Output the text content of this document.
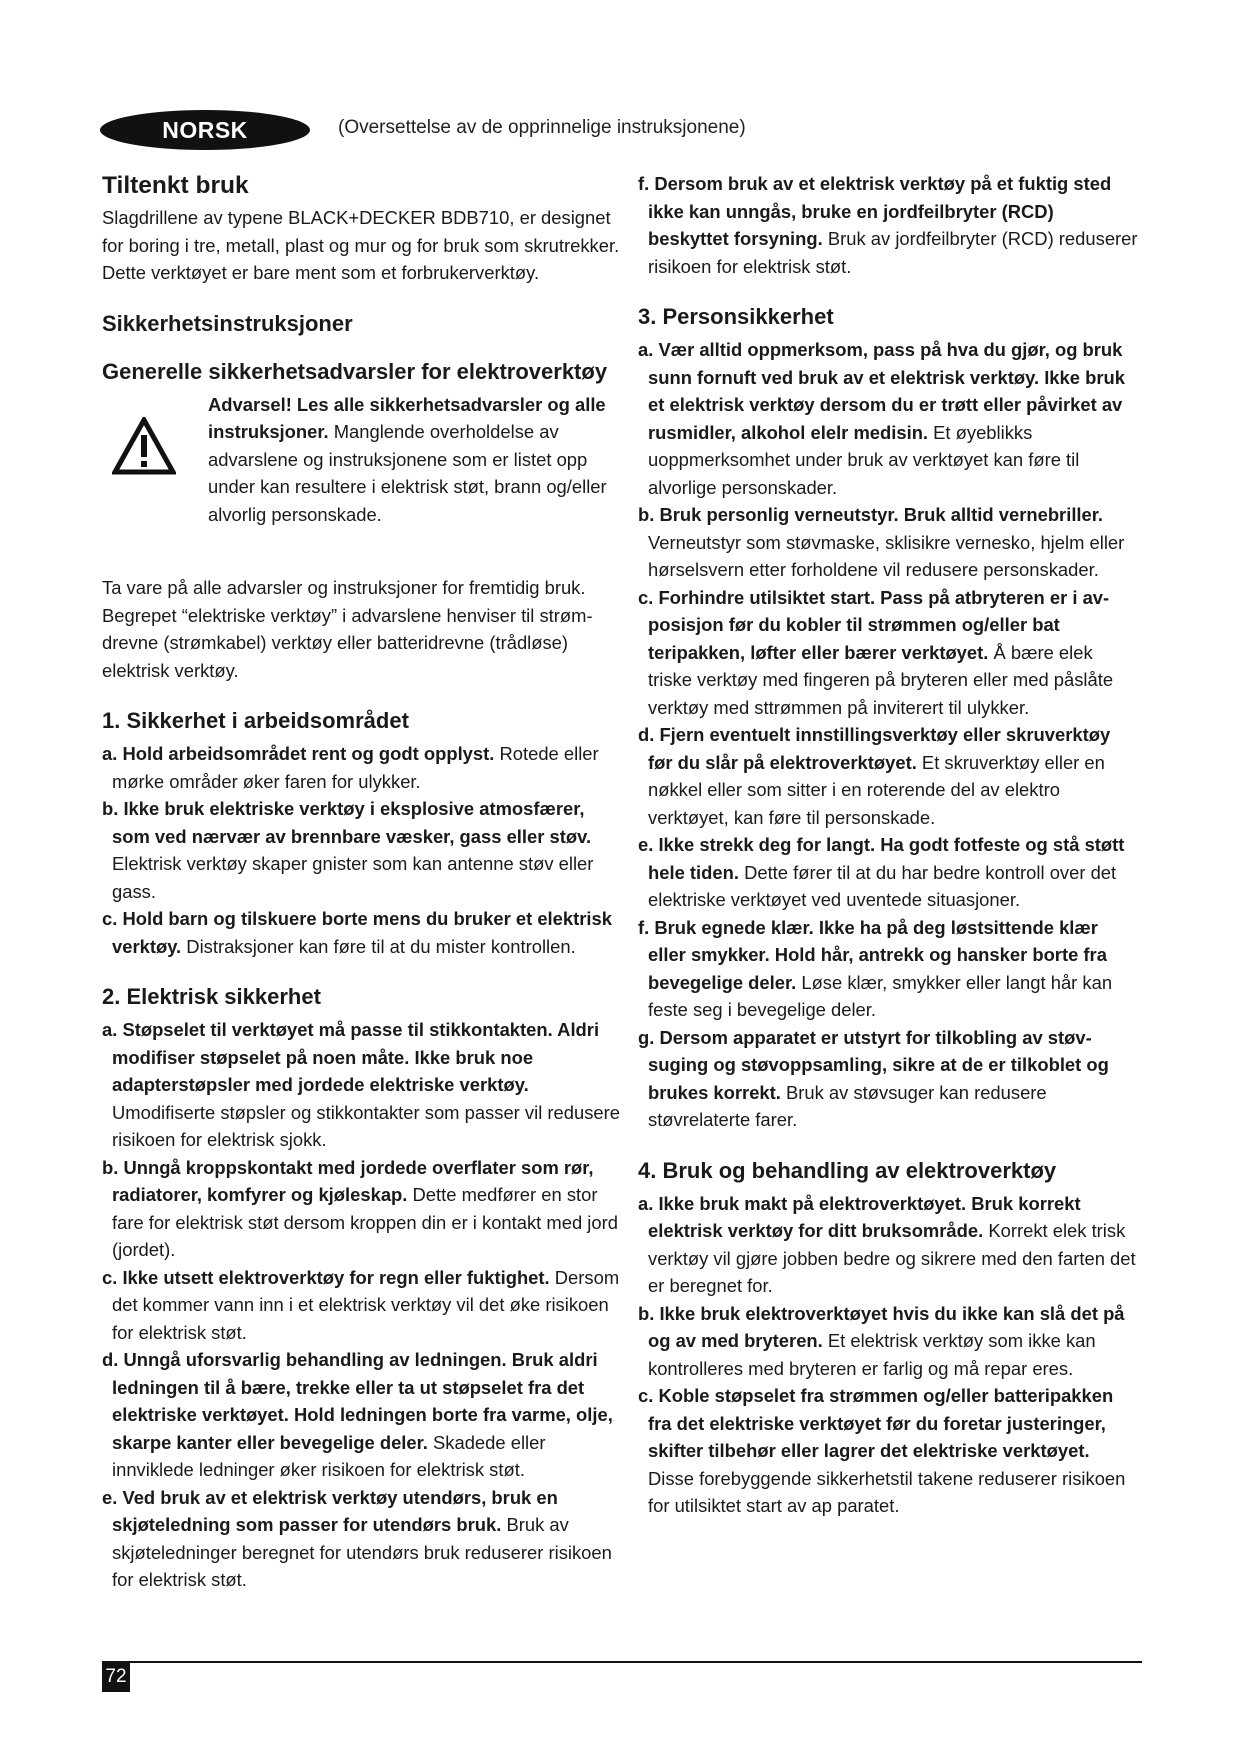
NORSK	(Oversettelse av de opprinnelige instruksjonene)
Tiltenkt bruk

Slagdrillene av typene BLACK+DECKER BDB710, er designet for boring i tre, metall, plast og mur og for bruk som skrutrekker. Dette verktøyet er bare ment som et forbrukerverktøy.

Sikkerhetsinstruksjoner
Generelle sikkerhetsadvarsler for elektroverktøy

Advarsel! Les alle sikkerhetsadvarsler og alle instruksjoner. Manglende overholdelse av advarslene og instruksjonene som er listet opp under kan resultere i elektrisk støt, brann og/eller alvorlig personskade.

Ta vare på alle advarsler og instruksjoner for fremtidig bruk. Begrepet “elektriske verktøy” i advarslene henviser til strømdrevne (strømkabel) verktøy eller batteridrevne (trådløse) elektrisk verktøy.

1. Sikkerhet i arbeidsområdet

a. Hold arbeidsområdet rent og godt opplyst. Rotede eller mørke områder øker faren for ulykker.

b. Ikke bruk elektriske verktøy i eksplosive atmosfærer, som ved nærvær av brennbare væsker, gass eller støv. Elektrisk verktøy skaper gnister som kan antenne støv eller gass.

c. Hold barn og tilskuere borte mens du bruker et elektrisk verktøy. Distraksjoner kan føre til at du mister kontrollen.

2. Elektrisk sikkerhet

a. Støpselet til verktøyet må passe til stikkontakten. Aldri modifiser støpselet på noen måte. Ikke bruk noe adapterstøpsler med jordede elektriske verktøy. Umodifiserte støpsler og stikkontakter som passer vil redusere risikoen for elektrisk sjokk.

b. Unngå kroppskontakt med jordede overflater som rør, radiatorer, komfyrer og kjøleskap. Dette medfører en stor fare for elektrisk støt dersom kroppen din er i kontakt med jord (jordet).

c. Ikke utsett elektroverktøy for regn eller fuktighet. Dersom det kommer vann inn i et elektrisk verktøy vil det øke risikoen for elektrisk støt.

d. Unngå uforsvarlig behandling av ledningen. Bruk aldri ledningen til å bære, trekke eller ta ut støpselet fra det elektriske verktøyet. Hold ledningen borte fra varme, olje, skarpe kanter eller bevegelige deler. Skadede eller innviklede ledninger øker risikoen for elektrisk støt.

e. Ved bruk av et elektrisk verktøy utendørs, bruk en skjøteledning som passer for utendørs bruk. Bruk av skjøteledninger beregnet for utendørs bruk reduserer risikoen for elektrisk støt.

f. Dersom bruk av et elektrisk verktøy på et fuktig sted ikke kan unngås, bruke en jordfeilbryter (RCD) beskyttet forsyning. Bruk av jordfeilbryter (RCD) reduserer risikoen for elektrisk støt.

3. Personsikkerhet

a. Vær alltid oppmerksom, pass på hva du gjør, og bruk sunn fornuft ved bruk av et elektrisk verktøy. Ikke bruk et elektrisk verktøy dersom du er trøtt eller påvirket av rusmidler, alkohol elelr medisin. Et øyeblikks uoppmerksomhet under bruk av verktøyet kan føre til alvorlige personskader.

b. Bruk personlig verneutstyr. Bruk alltid vernebriller. Verneutstyr som støvmaske, sklisikre vernesko, hjelm eller hørselsvern etter forholdene vil redusere personskader.

c. Forhindre utilsiktet start. Pass på atbryteren er i av-posisjon før du kobler til strømmen og/eller bat teripakken, løfter eller bærer verktøyet. Å bære elek triske verktøy med fingeren på bryteren eller med påslåte verktøy med sttrømmen på inviterert til ulykker.

d. Fjern eventuelt innstillingsverktøy eller skruverktøy før du slår på elektroverktøyet. Et skruverktøy eller en nøkkel eller som sitter i en roterende del av elektro verktøyet, kan føre til personskade.

e. Ikke strekk deg for langt. Ha godt fotfeste og stå støtt hele tiden. Dette fører til at du har bedre kontroll over det elektriske verktøyet ved uventede situasjoner.

f. Bruk egnede klær. Ikke ha på deg løstsittende klær eller smykker. Hold hår, antrekk og hansker borte fra bevegelige deler. Løse klær, smykker eller langt hår kan feste seg i bevegelige deler.

g. Dersom apparatet er utstyrt for tilkobling av støvsuging og støvoppsamling, sikre at de er tilkoblet og brukes korrekt. Bruk av støvsuger kan redusere støvrelaterte farer.

4. Bruk og behandling av elektroverktøy

a. Ikke bruk makt på elektroverktøyet. Bruk korrekt elektrisk verktøy for ditt bruksområde. Korrekt elek trisk verktøy vil gjøre jobben bedre og sikrere med den farten det er beregnet for.

b. Ikke bruk elektroverktøyet hvis du ikke kan slå det på og av med bryteren. Et elektrisk verktøy som ikke kan kontrolleres med bryteren er farlig og må repar eres.

c. Koble støpselet fra strømmen og/eller batteripakken fra det elektriske verktøyet før du foretar justeringer, skifter tilbehør eller lagrer det elektriske verktøyet. Disse forebyggende sikkerhetstil takene reduserer risikoen for utilsiktet start av ap paratet.

72
